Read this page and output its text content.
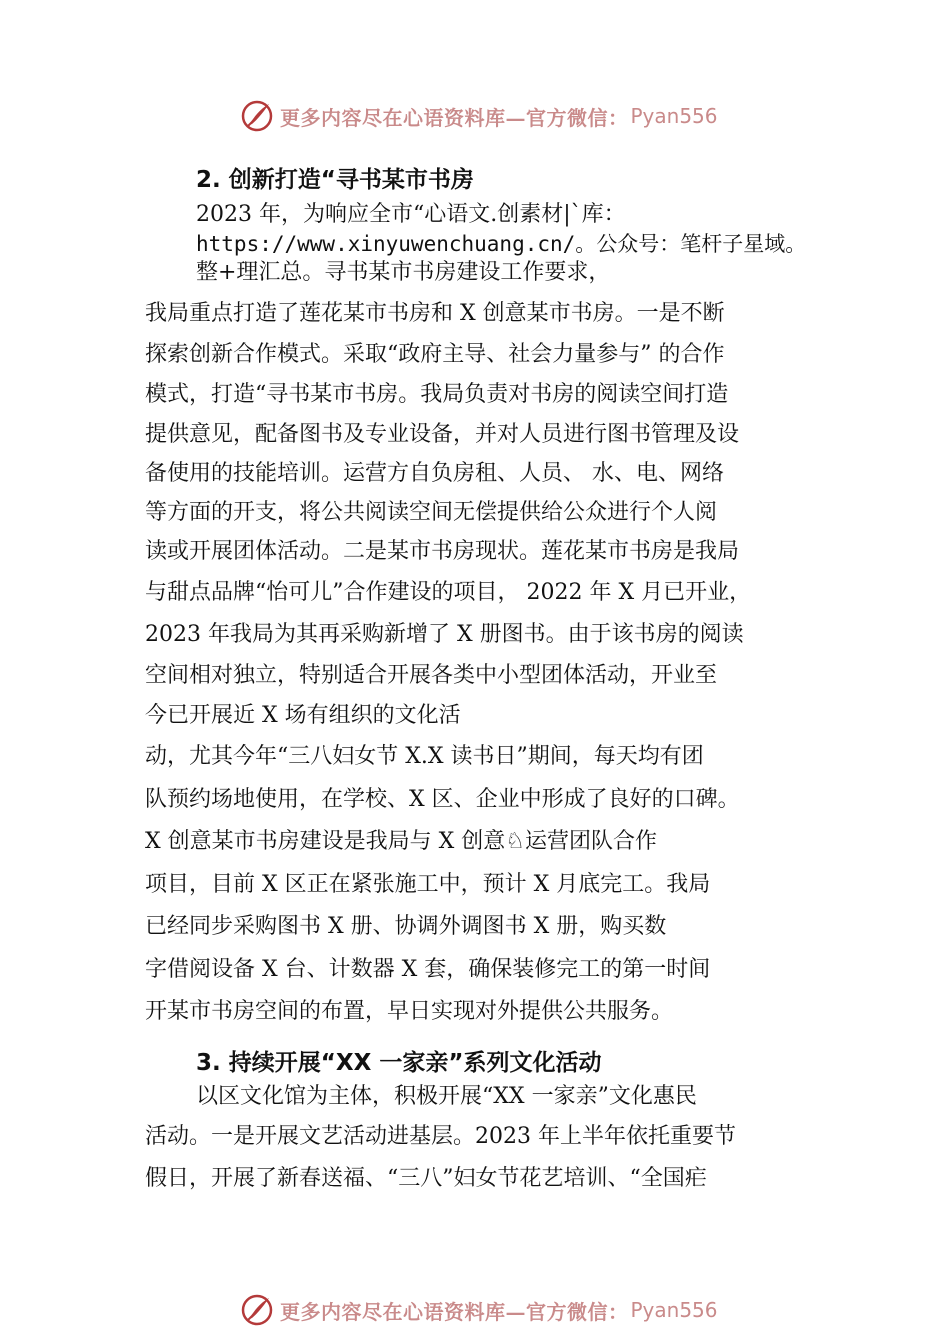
更多内容尽在心语资料库—官方微信： Pyan556
2. 创新打造“寻书某市书房
2023 年，为响应全市“心语文.创素材|`库：
https://www.xinyuwenchuang.cn/。公众号：笔杆子星域。
整+理汇总。寻书某市书房建设工作要求，
我局重点打造了莲花某市书房和 X 创意某市书房。一是不断
探索创新合作模式。采取“政府主导、社会力量参与” 的合作
模式，打造“寻书某市书房。我局负责对书房的阅读空间打造
提供意见，配备图书及专业设备，并对人员进行图书管理及设
备使用的技能培训。运营方自负房租、人员、 水、电、网络
等方面的开支，将公共阅读空间无偿提供给公众进行个人阅
读或开展团体活动。二是某市书房现状。莲花某市书房是我局
与甜点品牌“怡可儿”合作建设的项目， 2022 年 X 月已开业，
2023 年我局为其再采购新增了 X 册图书。由于该书房的阅读
空间相对独立，特别适合开展各类中小型团体活动，开业至
今已开展近 X 场有组织的文化活
动，尤其今年“三八妇女节 X.X 读书日”期间，每天均有团
队预约场地使用，在学校、X 区、企业中形成了良好的口碑。
X 创意某市书房建设是我局与 X 创意♘运营团队合作
项目，目前 X 区正在紧张施工中，预计 X 月底完工。我局
已经同步采购图书 X 册、协调外调图书 X 册，购买数
字借阅设备 X 台、计数器 X 套，确保装修完工的第一时间
开某市书房空间的布置，早日实现对外提供公共服务。
3. 持续开展“XX 一家亲”系列文化活动
以区文化馆为主体，积极开展“XX 一家亲”文化惠民
活动。一是开展文艺活动进基层。2023 年上半年依托重要节
假日，开展了新春送福、“三八”妇女节花艺培训、“全国疟
更多内容尽在心语资料库—官方微信： Pyan556
